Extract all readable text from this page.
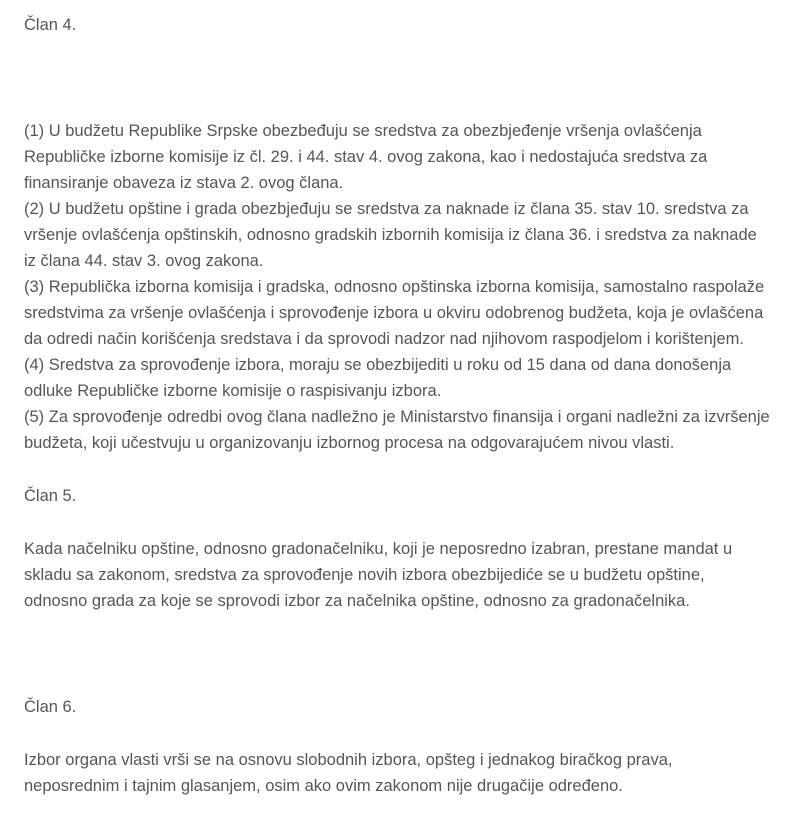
Član 4.

(1) U budžetu Republike Srpske obezbeđuju se sredstva za obezbjeđenje vršenja ovlašćenja Republičke izborne komisije iz čl. 29. i 44. stav 4. ovog zakona, kao i nedostajuća sredstva za finansiranje obaveza iz stava 2. ovog člana.

(2) U budžetu opštine i grada obezbjeđuju se sredstva za naknade iz člana 35. stav 10. sredstva za vršenje ovlašćenja opštinskih, odnosno gradskih izbornih komisija iz člana 36. i sredstva za naknade iz člana 44. stav 3. ovog zakona.

(3) Republička izborna komisija i gradska, odnosno opštinska izborna komisija, samostalno raspolaže sredstvima za vršenje ovlašćenja i sprovođenje izbora u okviru odobrenog budžeta, koja je ovlašćena da odredi način korišćenja sredstava i da sprovodi nadzor nad njihovom raspodjelom i korištenjem.

(4) Sredstva za sprovođenje izbora, moraju se obezbijediti u roku od 15 dana od dana donošenja odluke Republičke izborne komisije o raspisivanju izbora.

(5) Za sprovođenje odredbi ovog člana nadležno je Ministarstvo finansija i organi nadležni za izvršenje budžeta, koji učestvuju u organizovanju izbornog procesa na odgovarajućem nivou vlasti.

Član 5.

Kada načelniku opštine, odnosno gradonačelniku, koji je neposredno izabran, prestane mandat u skladu sa zakonom, sredstva za sprovođenje novih izbora obezbijediće se u budžetu opštine, odnosno grada za koje se sprovodi izbor za načelnika opštine, odnosno za gradonačelnika.

Član 6.

Izbor organa vlasti vrši se na osnovu slobodnih izbora, opšteg i jednakog biračkog prava, neposrednim i tajnim glasanjem, osim ako ovim zakonom nije drugačije određeno.
